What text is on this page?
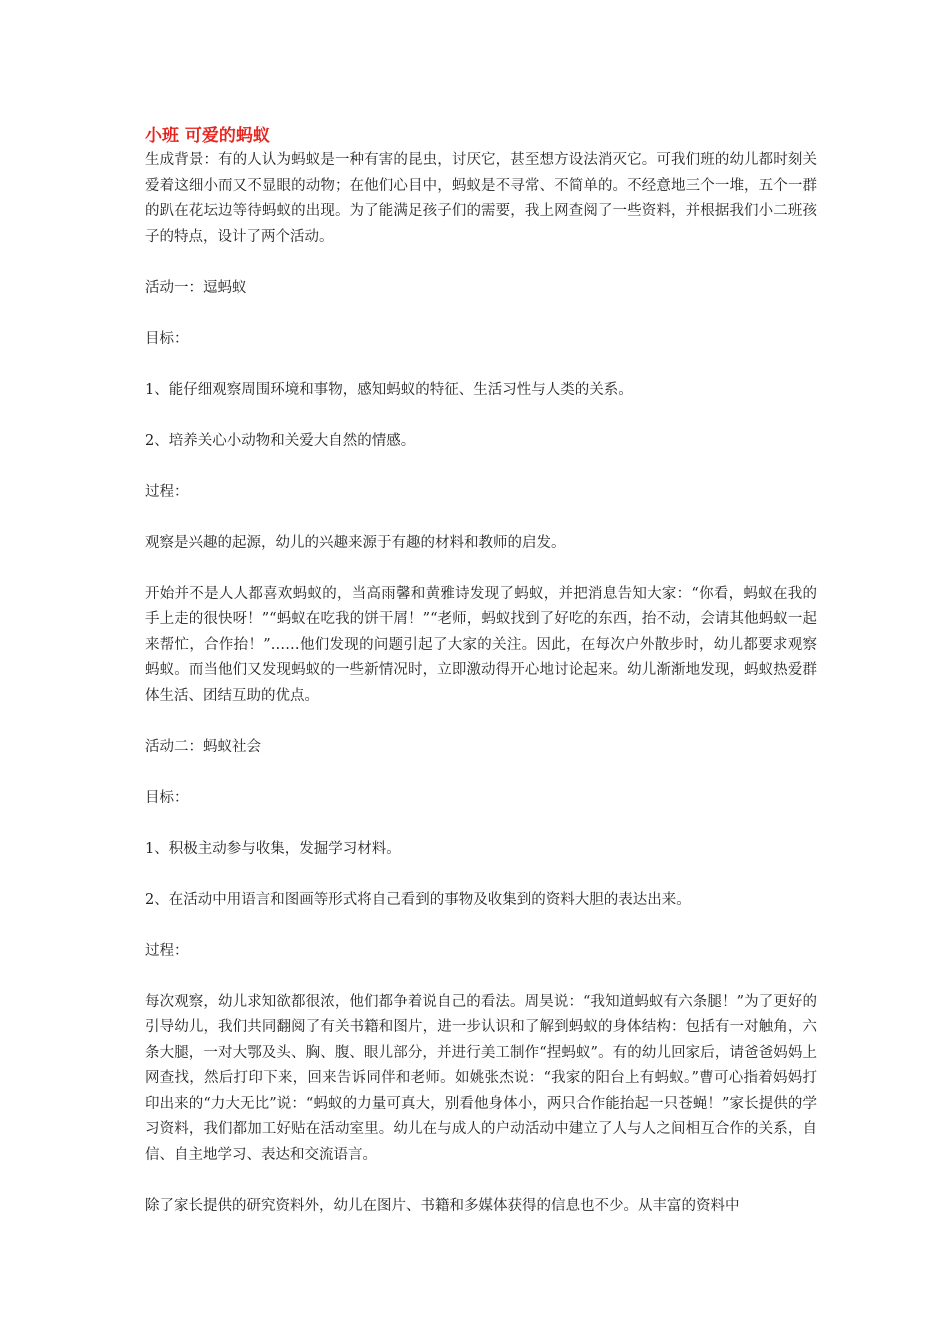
小班 可爱的蚂蚁

生成背景：有的人认为蚂蚁是一种有害的昆虫，讨厌它，甚至想方设法消灭它。可我们班的幼儿都时刻关爱着这细小而又不显眼的动物；在他们心目中，蚂蚁是不寻常、不简单的。不经意地三个一堆，五个一群的趴在花坛边等待蚂蚁的出现。为了能满足孩子们的需要，我上网查阅了一些资料，并根据我们小二班孩子的特点，设计了两个活动。

活动一：逗蚂蚁

目标：

1、能仔细观察周围环境和事物，感知蚂蚁的特征、生活习性与人类的关系。

2、培养关心小动物和关爱大自然的情感。

过程：

观察是兴趣的起源，幼儿的兴趣来源于有趣的材料和教师的启发。

开始并不是人人都喜欢蚂蚁的，当高雨馨和黄雅诗发现了蚂蚁，并把消息告知大家：“你看，蚂蚁在我的手上走的很快呀！”“蚂蚁在吃我的饼干屑！”“老师，蚂蚁找到了好吃的东西，抬不动，会请其他蚂蚁一起来帮忙，合作抬！”……他们发现的问题引起了大家的关注。因此，在每次户外散步时，幼儿都要求观察蚂蚁。而当他们又发现蚂蚁的一些新情况时，立即激动得开心地讨论起来。幼儿渐渐地发现，蚂蚁热爱群体生活、团结互助的优点。

活动二：蚂蚁社会

目标：

1、积极主动参与收集，发掘学习材料。

2、在活动中用语言和图画等形式将自己看到的事物及收集到的资料大胆的表达出来。

过程：

每次观察，幼儿求知欲都很浓，他们都争着说自己的看法。周昊说：“我知道蚂蚁有六条腿！”为了更好的引导幼儿，我们共同翻阅了有关书籍和图片，进一步认识和了解到蚂蚁的身体结构：包括有一对触角，六条大腿，一对大鄂及头、胸、腹、眼儿部分，并进行美工制作“捏蚂蚁”。有的幼儿回家后，请爸爸妈妈上网查找，然后打印下来，回来告诉同伴和老师。如姚张杰说：“我家的阳台上有蚂蚁。”曹可心指着妈妈打印出来的“力大无比”说：“蚂蚁的力量可真大，别看他身体小，两只合作能抬起一只苍蝇！”家长提供的学习资料，我们都加工好贴在活动室里。幼儿在与成人的户动活动中建立了人与人之间相互合作的关系，自信、自主地学习、表达和交流语言。

除了家长提供的研究资料外，幼儿在图片、书籍和多媒体获得的信息也不少。从丰富的资料中
